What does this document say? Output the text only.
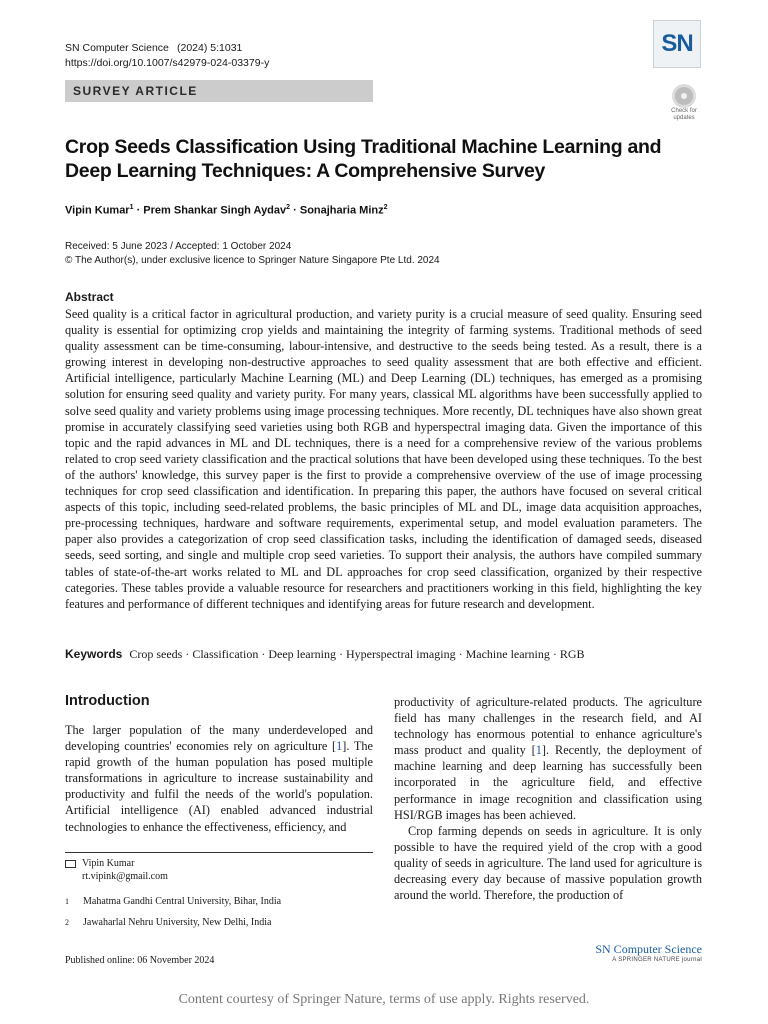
SN Computer Science (2024) 5:1031
https://doi.org/10.1007/s42979-024-03379-y
SN
SURVEY ARTICLE
Check for updates
Crop Seeds Classification Using Traditional Machine Learning and Deep Learning Techniques: A Comprehensive Survey
Vipin Kumar$^1$ · Prem Shankar Singh Aydav$^2$ · Sonajharia Minz$^2$
Received: 5 June 2023 / Accepted: 1 October 2024
© The Author(s), under exclusive licence to Springer Nature Singapore Pte Ltd. 2024
Abstract

Seed quality is a critical factor in agricultural production, and variety purity is a crucial measure of seed quality. Ensuring seed quality is essential for optimizing crop yields and maintaining the integrity of farming systems. Traditional methods of seed quality assessment can be time-consuming, labour-intensive, and destructive to the seeds being tested. As a result, there is a growing interest in developing non-destructive approaches to seed quality assessment that are both effective and efficient. Artificial intelligence, particularly Machine Learning (ML) and Deep Learning (DL) techniques, has emerged as a promising solution for ensuring seed quality and variety purity. For many years, classical ML algorithms have been successfully applied to solve seed quality and variety problems using image processing techniques. More recently, DL techniques have also shown great promise in accurately classifying seed varieties using both RGB and hyperspectral imaging data. Given the importance of this topic and the rapid advances in ML and DL techniques, there is a need for a comprehensive review of the various problems related to crop seed variety classification and the practical solutions that have been developed using these techniques. To the best of the authors' knowledge, this survey paper is the first to provide a comprehensive overview of the use of image processing techniques for crop seed classification and identification. In preparing this paper, the authors have focused on several critical aspects of this topic, including seed-related problems, the basic principles of ML and DL, image data acquisition approaches, pre-processing techniques, hardware and software requirements, experimental setup, and model evaluation parameters. The paper also provides a categorization of crop seed classification tasks, including the identification of damaged seeds, diseased seeds, seed sorting, and single and multiple crop seed varieties. To support their analysis, the authors have compiled summary tables of state-of-the-art works related to ML and DL approaches for crop seed classification, organized by their respective categories. These tables provide a valuable resource for researchers and practitioners working in this field, highlighting the key features and performance of different techniques and identifying areas for future research and development.

Keywords Crop seeds · Classification · Deep learning · Hyperspectral imaging · Machine learning · RGB
Introduction

The larger population of the many underdeveloped and developing countries' economies rely on agriculture [1]. The rapid growth of the human population has posed multiple transformations in agriculture to increase sustainability and productivity and fulfil the needs of the world's population. Artificial intelligence (AI) enabled advanced industrial technologies to enhance the effectiveness, efficiency, and

productivity of agriculture-related products. The agriculture field has many challenges in the research field, and AI technology has enormous potential to enhance agriculture's mass product and quality [1]. Recently, the deployment of machine learning and deep learning has successfully been incorporated in the agriculture field, and effective performance in image recognition and classification using HSI/RGB images has been achieved.

Crop farming depends on seeds in agriculture. It is only possible to have the required yield of the crop with a good quality of seeds in agriculture. The land used for agriculture is decreasing every day because of massive population growth around the world. Therefore, the production of

Vipin Kumar
rt.vipink@gmail.com
1 Mahatma Gandhi Central University, Bihar, India
2 Jawaharlal Nehru University, New Delhi, India
Published online: 06 November 2024
SN Computer Science
A SPRINGER NATURE journal
Content courtesy of Springer Nature, terms of use apply. Rights reserved.
